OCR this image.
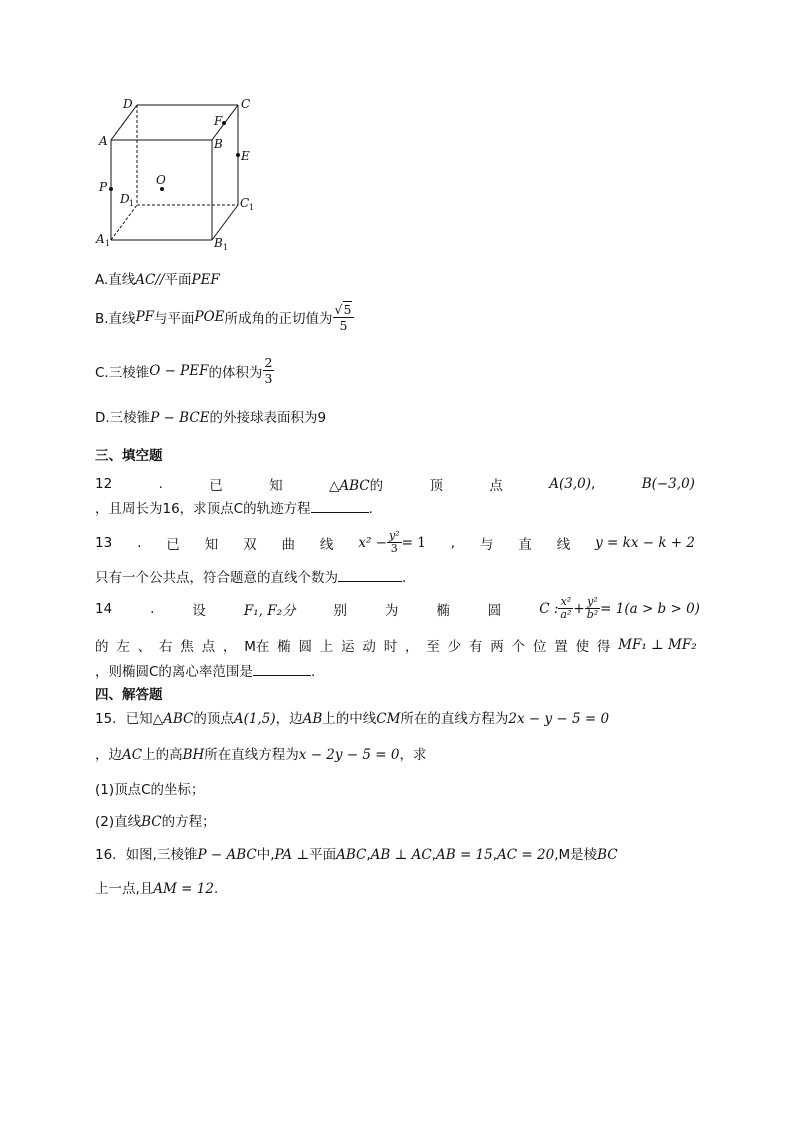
D	C
A	B
F
E
P	O
D 1	C 1
A 1	B 1
A.直线AC//平面PEF
B.直线 PF 与平面 POE 所成角的正切值为 $\frac{√5}{5}$
C.三棱锥 O − PEF 的体积为 $\frac{2}{3}$
D.三棱锥P − BCE的外接球表面积为9
三、填空题
12	.	已	知	△ABC的	顶	点	A(3,0),	B(−3,0)
，且周长为16，求顶点C的轨迹方程	.
13 . 已 知 双 曲 线 $x^2 - \frac{\text{y²}}{3} = 1$ , 与 直 线 y = kx − k + 2
只有一个公共点，符合题意的直线个数为	.
14	.	设	F₁, F₂分	别	为	椭	圆	C : $\frac{\text{x²}}{\text{a²}} + \frac{\text{y²}}{\text{b²}} = 1(a > b > 0)$
的 左 、 右 焦 点 ， M在 椭 圆 上 运 动 时 ， 至 少 有 两 个 位 置 使 得 MF₁ ⊥ MF₂
，则椭圆C的离心率范围是	.
四、解答题
15．已知△ABC的顶点A(1,5)，边AB上的中线CM所在的直线方程为2x − y − 5 = 0
，边AC上的高BH所在直线方程为x − 2y − 5 = 0，求
(1)顶点C的坐标；
(2)直线BC的方程；
16．如图,三棱锥P − ABC中,PA ⊥平面ABC,AB ⊥ AC,AB = 15,AC = 20,M是棱BC
上一点,且AM = 12.
